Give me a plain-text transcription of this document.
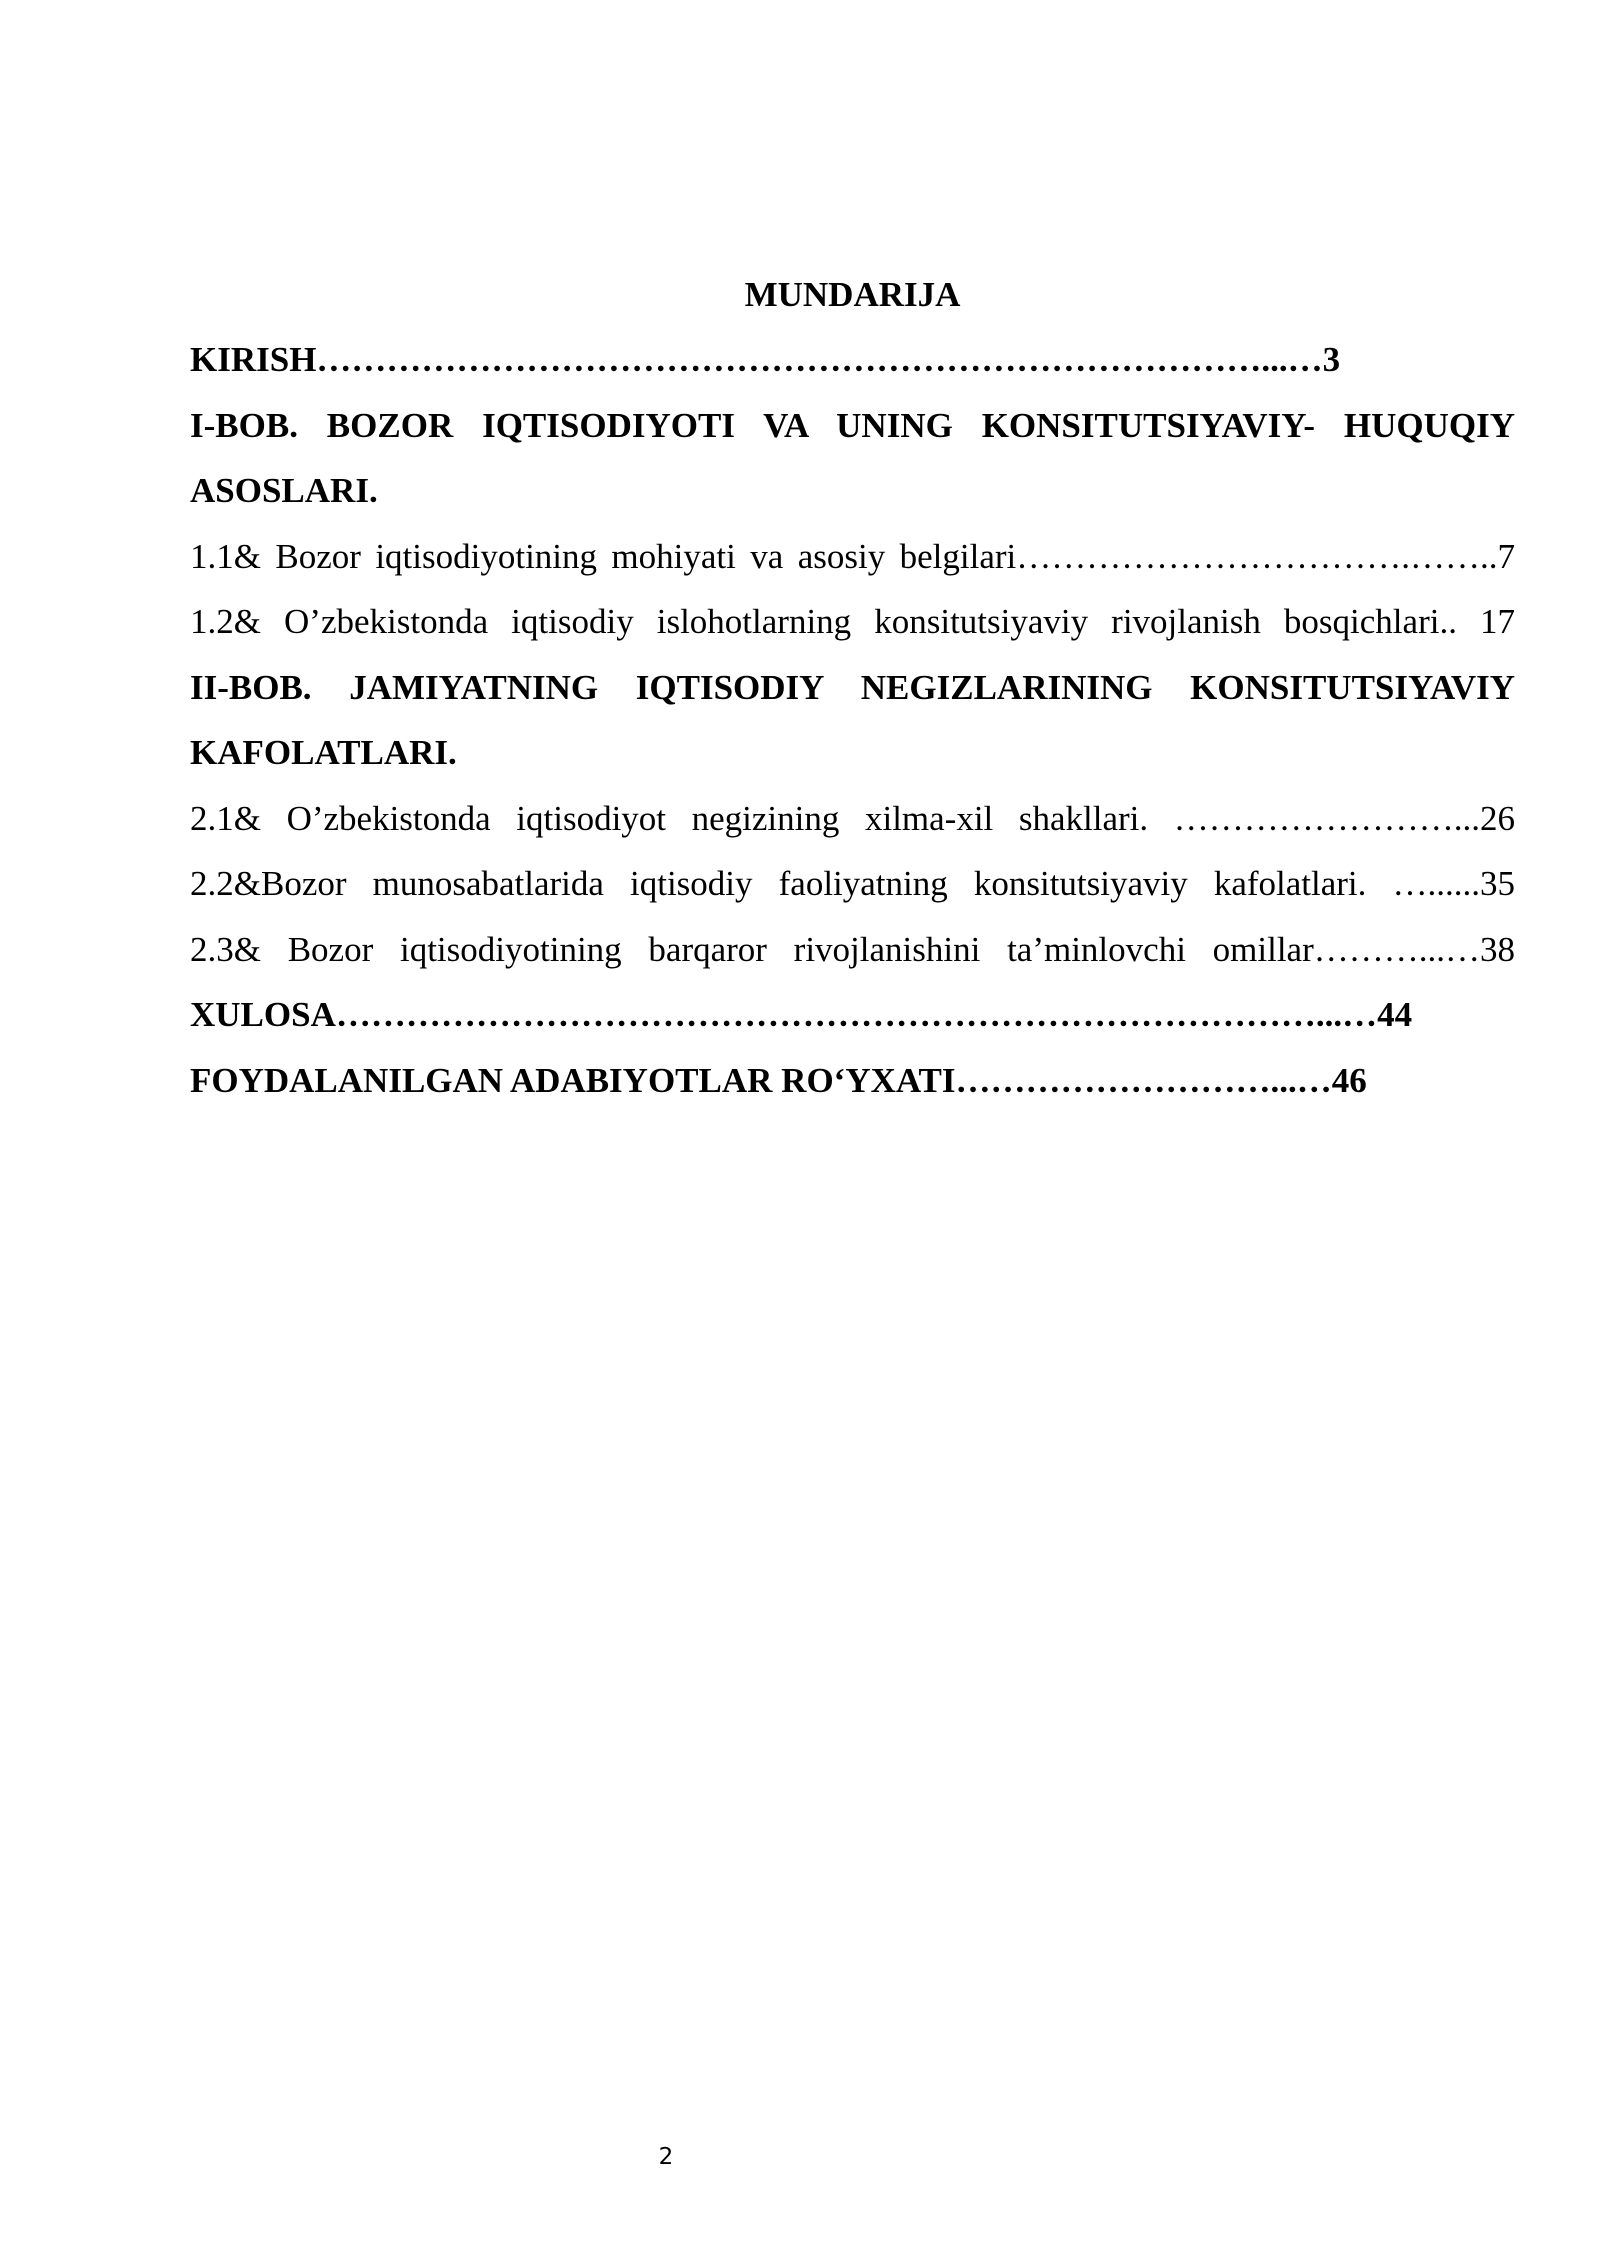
MUNDARIJA
KIRISH………………………………………………………………………...…3
I-BOB. BOZOR IQTISODIYOTI VA UNING KONSITUTSIYAVIY- HUQUQIY ASOSLARI.
1.1& Bozor iqtisodiyotining mohiyati va asosiy belgilari…………………………….……..7
1.2& O’zbekistonda iqtisodiy islohotlarning konsitutsiyaviy rivojlanish bosqichlari.. 17
II-BOB. JAMIYATNING IQTISODIY NEGIZLARINING KONSITUTSIYAVIY KAFOLATLARI.
2.1& O’zbekistonda iqtisodiyot negizining xilma-xil shakllari. ……………………...26
2.2&Bozor munosabatlarida iqtisodiy faoliyatning konsitutsiyaviy kafolatlari. …......35
2.3& Bozor iqtisodiyotining barqaror rivojlanishini ta’minlovchi omillar………...…38
XULOSA…………………………………………………………………………...…44
FOYDALANILGAN ADABIYOTLAR RO‘YXATI………………………...…46
2
